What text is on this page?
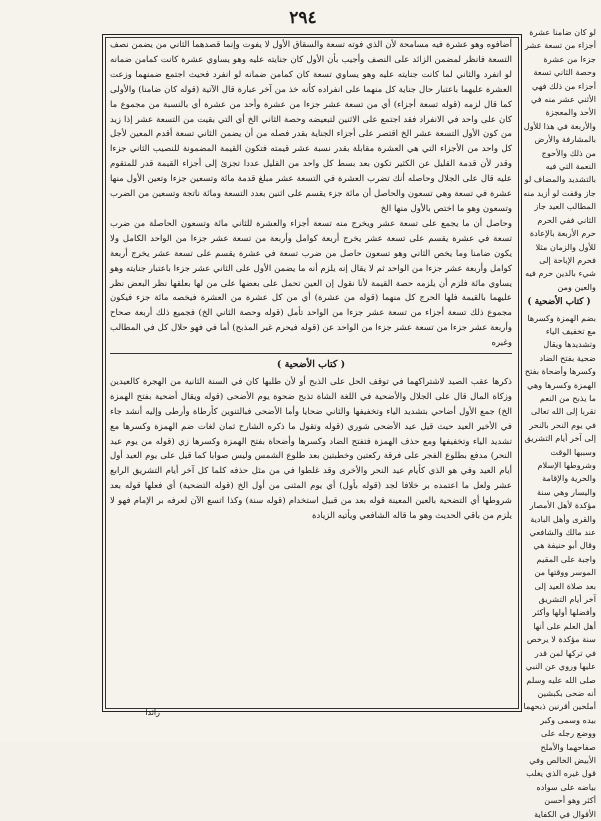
٢٩٤

أضافوه وهو عشرة فيه مسامحة لأن الذي فوته تسعة والسقاق الأول لا يفوت وإنما قصدهما الثاني من يضمن نصف التسعة فانظر لمضمن الزائد على النصف وأجيب بأن الأول كان جنايته عليه وهو يساوي عشرة كانت كمامن ضمانه لو انفرد والثاني لما كانت جنايته عليه وهو يساوي تسعة كان كمامن ضمانه لو انفرد فحيث اجتمع ضمنهما وزعت العشرة عليهما باعتبار حال جناية كل منهما على انفراده كأنه خذ من آخر عبارة قال الآتية (قوله كان ضامنا) والأولى كما قال لزمه (قوله تسعة أجزاء) أي من تسعة عشر جزءا من عشرة وأحد من عشرة أي بالنسبة من مجموع ما كان على واحد في الانفراد فقد اجتمع على الاثنين لتبعيضه وحصة الثاني الخ أي التي بقيت من التسعة عشر إذا زيد من كون الأول التسعة عشر الخ اقتصر على أجزاء الجناية بقدر فصله من أن يضمن الثاني تسعة أقدم المعين لأجل كل واحد من الأجزاء التي هي العشرة مقابلة بقدر نسبة عشر قيمته فتكون القيمة المضمونة للنصيب الثاني جزءا وقدر لأن قدمة القليل عن الكثير تكون بعد بسط كل واحد من القليل عددا تجزئ إلى أجزاء القيمة قدر للمتقوم عليه قال على الجلال وحاصله أنك تضرب العشرة في التسعة عشر مبلغ قدمة مائة وتسعين جزءا وتعين الأول منها عشرة في تسعة وهي تسعون والحاصل أن مائة جزء يقسم على اثنين بعدد التسعة ومائة ناتجة وتسعين من الضرب وتسعون وهو ما اختص بالأول منها الخ

وحاصل أن ما يجمع على تسعة عشر ويخرج منه تسعة أجزاء والعشرة للثاني مائة وتسعون الحاصلة من ضرب تسعة في عشرة يقسم على تسعة عشر يخرج أربعة كوامل وأربعة من تسعة عشر جزءا من الواحد الكامل ولا يكون ضامنا وما يخص الثاني وهو تسعون حاصل من ضرب تسعة في عشرة يقسم على تسعة عشر يخرج أربعة كوامل وأربعة عشر جزءا من الواحد ثم لا يقال إنه يلزم أنه ما يضمن الأول على الثاني عشر جزءا باعتبار جنايته وهو يساوي مائة فلزم أن يلزمه حصة القيمة لأنا نقول إن العين تحمل على بعضها على من لها بعلقها نظر البعض نظر عليهما بالقيمة فلها الحرج كل منهما (قوله من عشرة) أي من كل عشرة من العشرة فيخصه مائة جزء فيكون مجموع ذلك تسعة أجزاء من تسعة عشر جزءا من الواحد تأمل (قوله وحصة الثاني الخ) فجميع ذلك أربعة صحاح وأربعة عشر جزءا من تسعة عشر جزءا من الواحد عن (قوله فيحرم غير المذبح) أما في فهو حلال كل في المطالب وغيره

( كتاب الأضحية )

ذكرها عقب الصيد لاشتراكهما في توقف الحل على الذبح أو لأن طلبها كان في السنة الثانية من الهجرة كالعيدين وزكاة المال قال على الجلال والأضحية في اللغة الشاة تذبح ضحوة يوم الأضحى (قوله ويقال أضحية بفتح الهمزة الخ) جمع الأول أضاحي بتشديد الياء وتخفيفها والثاني ضحايا وأما الأضحى فبالتنوين كأرطاة وأرطى وإليه أنشد جاء في الأخير العيد حيث قيل عيد الأضحى شوري (قوله وتقول ما ذكره الشارح ثمان لغات ضم الهمزة وكسرها مع تشديد الياء وتخفيفها ومع حذف الهمزة فتفتح الضاد وكسرها وأضحاة بفتح الهمزة وكسرها زي (قوله من يوم عيد النحر) مدفع بطلوع الفجر على فرقة ركعتين وخطبتين بعد طلوع الشمس وليس صوابا كما قيل على يوم العيد أول أيام العيد وفي هو الذي كأيام عيد النحر والأخرى وقد غلطوا في من مثل حذفه كلما كل آخر أيام التشريق الرابع عشر ولعل ما اعتمده بر خلافا لجد (قوله بأول) أي يوم المثنى من أول الخ (قوله التضحية) أي فعلها قوله بعد شروطها أي التضحية بالعين المعينة قوله بعد من قبيل استخدام (قوله سنة) وكذا اتسع الآن لعرفه بر الإمام فهو لا يلزم من باقي الحديث وهو ما قاله الشافعي ويأتيه الزيادة

لو كان ضامنا عشرة أجزاء من تسعة عشر جزءا من عشرة وحصة الثاني تسعة أجزاء من ذلك فهي الأثني عشر منه في الأحد والمعجزة والأربعة في هذا للأول بالمشارفة والأرض من ذلك والأحوج النعمة التي فيه بالتشديد والمضاف لو جاز وقفت لو أزيد منه المطالب العيد جاز الثاني ففي الحرم حرم الأربعة بالإعادة للأول والزمان مثلا فحرم الإباحة إلى شيء بالدين حرم فيه والعين ومن

( كتاب الأضحية )

بضم الهمزة وكسرها مع تخفيف الياء وتشديدها ويقال ضحية بفتح الضاد وكسرها وأضحاة بفتح الهمزة وكسرها وهي ما يذبح من النعم تقربا إلى الله تعالى في يوم النحر بالنحر إلى آخر أيام التشريق وسببها الوقت وشروطها الإسلام والحرية والإقامة واليسار وهي سنة مؤكدة لأهل الأمصار والقرى وأهل البادية عند مالك والشافعي وقال أبو حنيفة هي واجبة على المقيم الموسر ووقتها من بعد صلاة العيد إلى آخر أيام التشريق وأفضلها أولها وأكثر أهل العلم على أنها سنة مؤكدة لا يرخص في تركها لمن قدر عليها وروي عن النبي صلى الله عليه وسلم أنه ضحى بكبشين أملحين أقرنين ذبحهما بيده وسمى وكبر ووضع رجله على صفاحهما والأملح الأبيض الخالص وفي قول غيره الذي يغلب بياضه على سواده أكثر وهو أحسن الأقوال في الكفاية

زائدا
